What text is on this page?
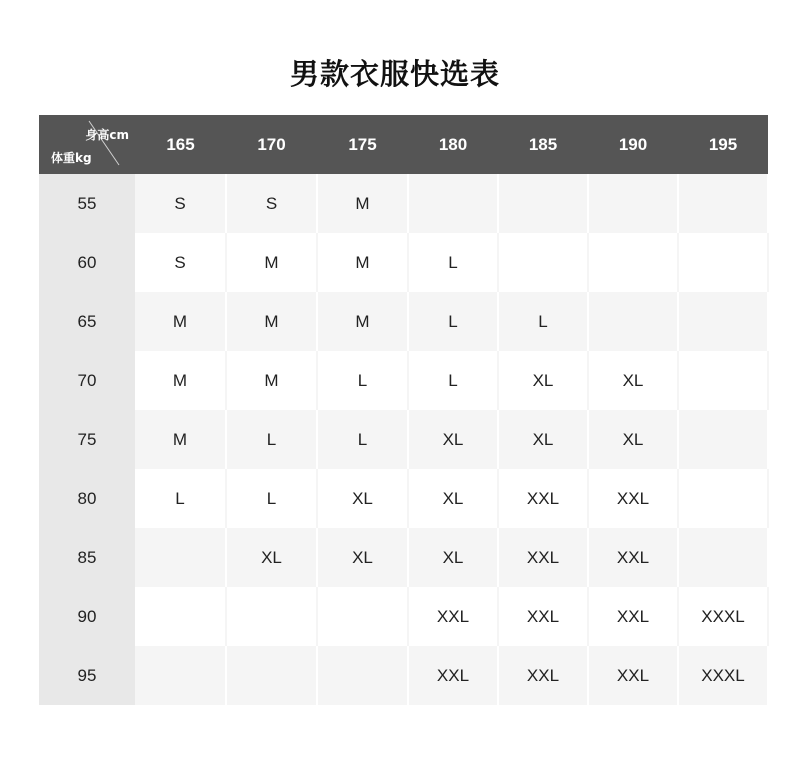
男款衣服快选表
身高cm
体重kg	165	170	175	180	185	190	195
55	S	S	M				
60	S	M	M	L			
65	M	M	M	L	L		
70	M	M	L	L	XL	XL	
75	M	L	L	XL	XL	XL	
80	L	L	XL	XL	XXL	XXL	
85		XL	XL	XL	XXL	XXL	
90				XXL	XXL	XXL	XXXL
95				XXL	XXL	XXL	XXXL
